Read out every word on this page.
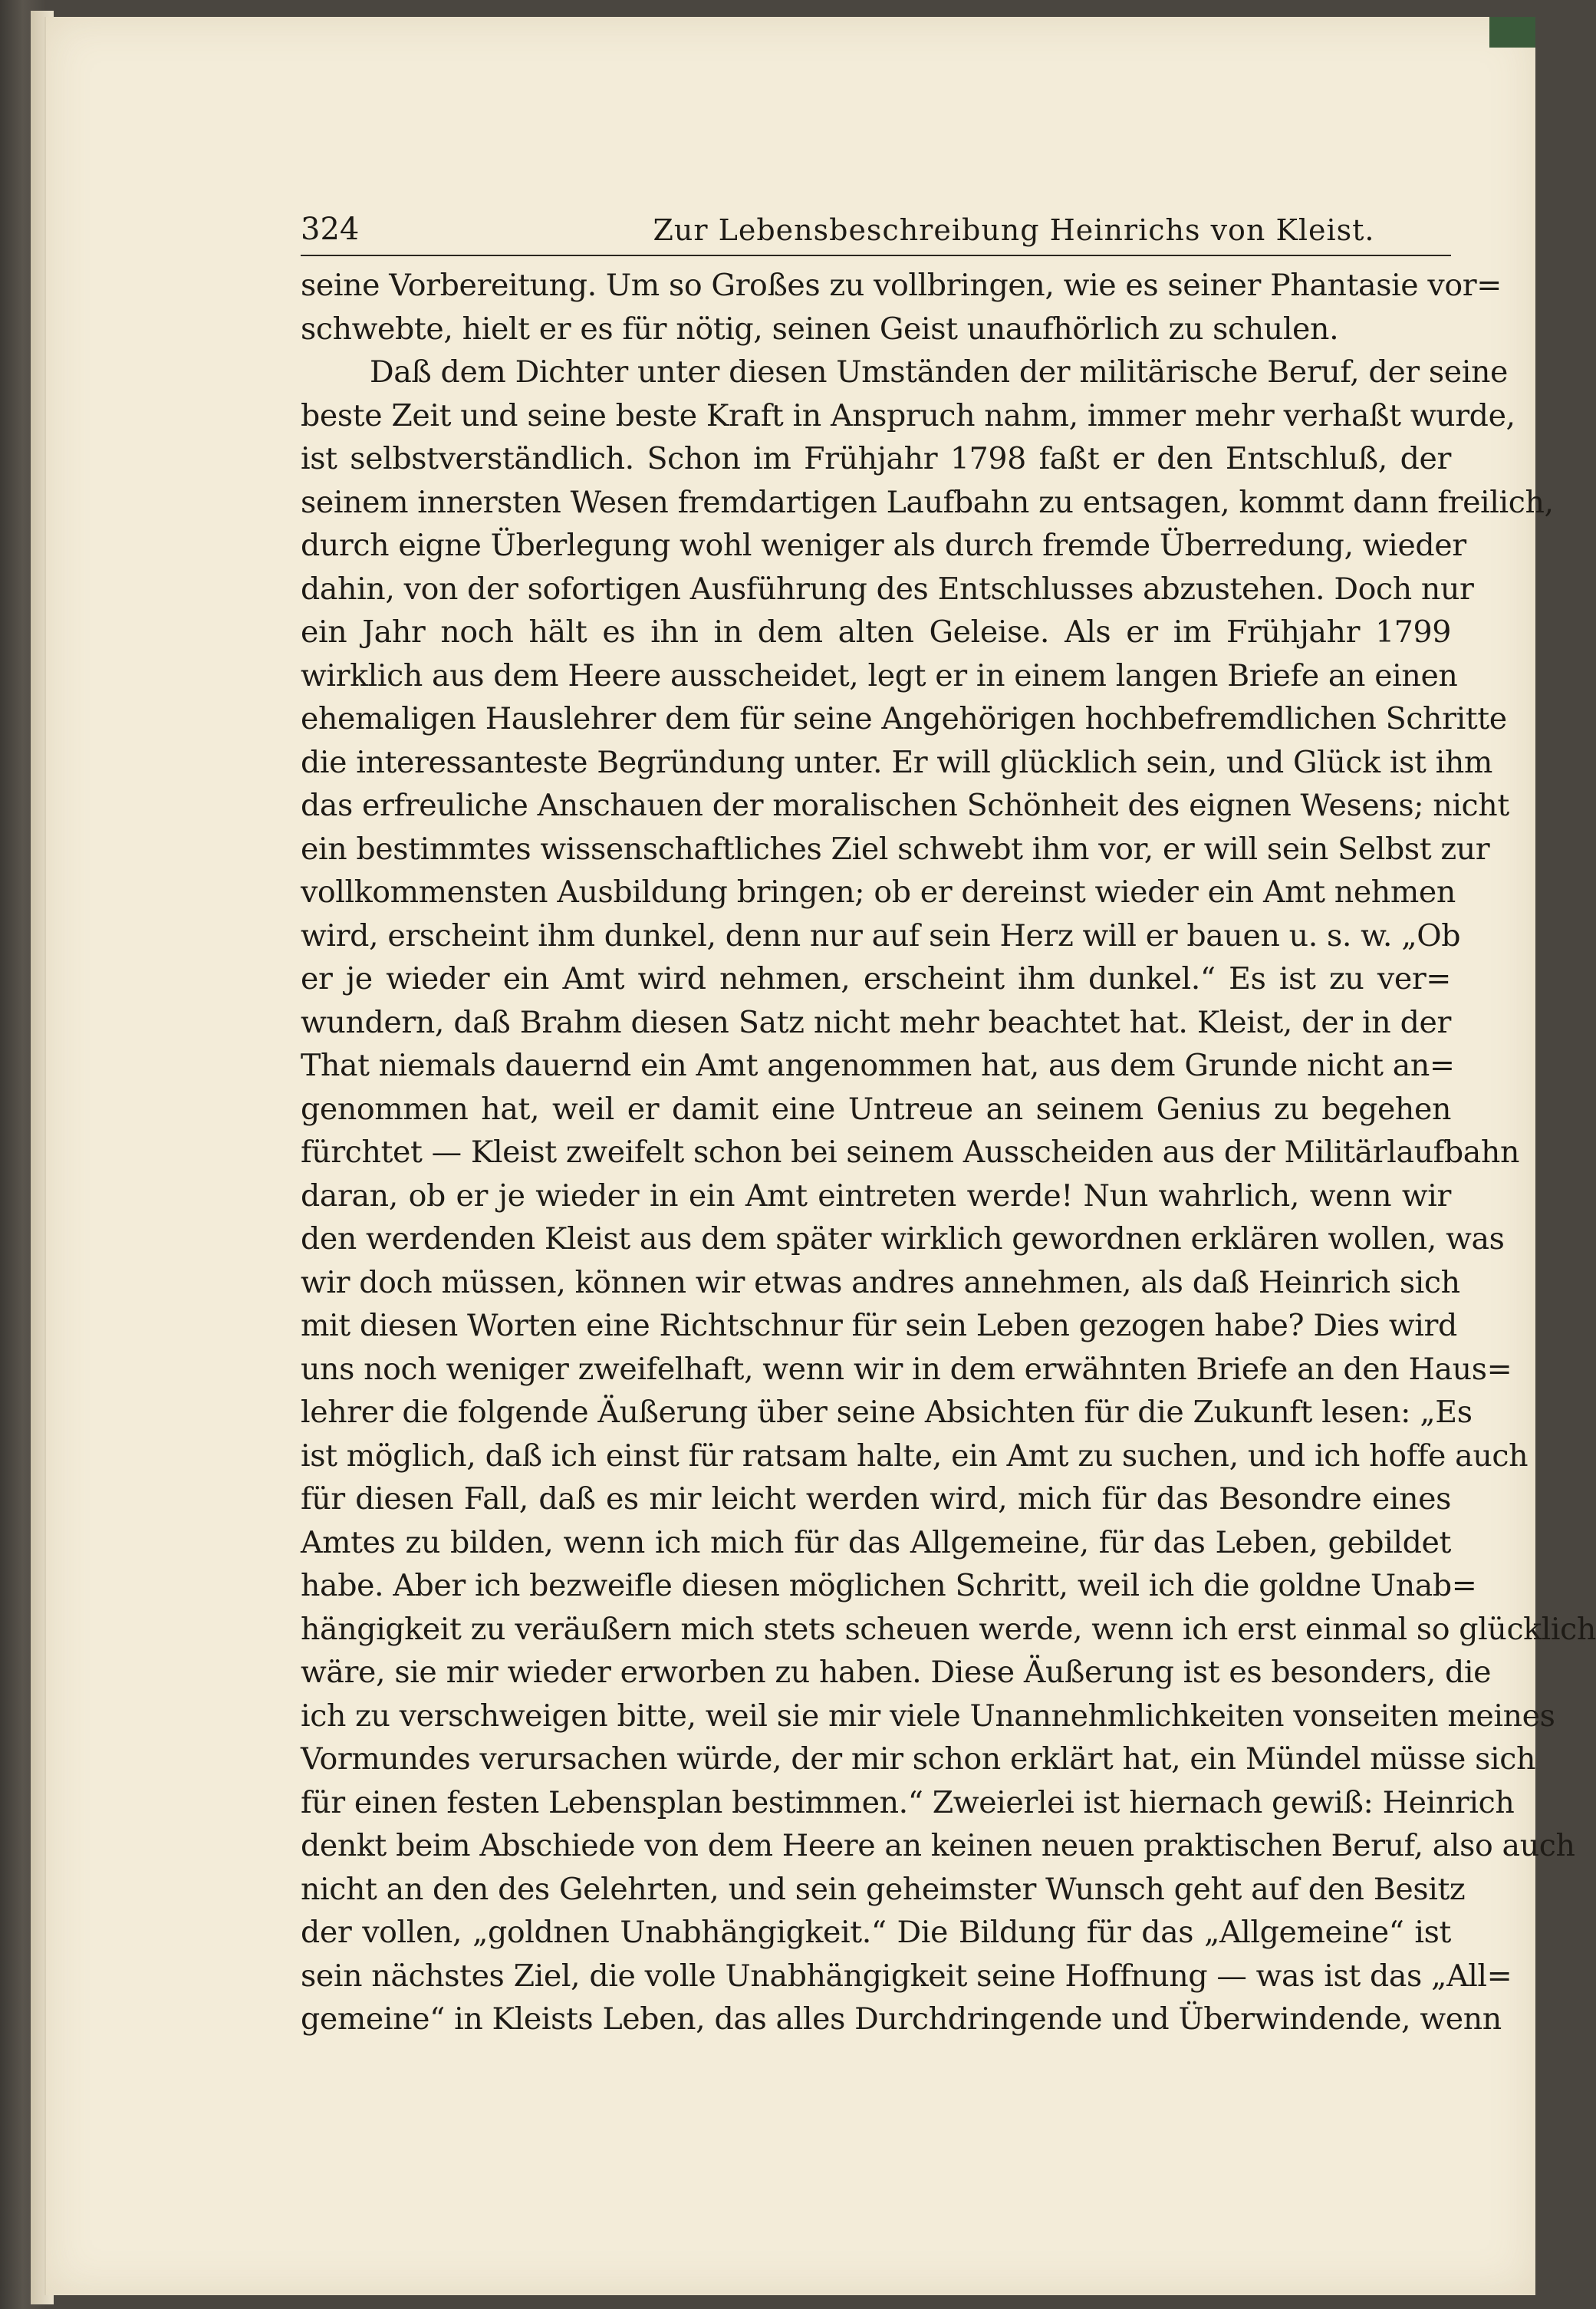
324	Zur Lebensbeschreibung Heinrichs von Kleist.
seine Vorbereitung. Um so Großes zu vollbringen, wie es seiner Phantasie vor=
schwebte, hielt er es für nötig, seinen Geist unaufhörlich zu schulen.
Daß dem Dichter unter diesen Umständen der militärische Beruf, der seine
beste Zeit und seine beste Kraft in Anspruch nahm, immer mehr verhaßt wurde,
ist selbstverständlich. Schon im Frühjahr 1798 faßt er den Entschluß, der
seinem innersten Wesen fremdartigen Laufbahn zu entsagen, kommt dann freilich,
durch eigne Überlegung wohl weniger als durch fremde Überredung, wieder
dahin, von der sofortigen Ausführung des Entschlusses abzustehen. Doch nur
ein Jahr noch hält es ihn in dem alten Geleise. Als er im Frühjahr 1799
wirklich aus dem Heere ausscheidet, legt er in einem langen Briefe an einen
ehemaligen Hauslehrer dem für seine Angehörigen hochbefremdlichen Schritte
die interessanteste Begründung unter. Er will glücklich sein, und Glück ist ihm
das erfreuliche Anschauen der moralischen Schönheit des eignen Wesens; nicht
ein bestimmtes wissenschaftliches Ziel schwebt ihm vor, er will sein Selbst zur
vollkommensten Ausbildung bringen; ob er dereinst wieder ein Amt nehmen
wird, erscheint ihm dunkel, denn nur auf sein Herz will er bauen u. s. w. „Ob
er je wieder ein Amt wird nehmen, erscheint ihm dunkel.“ Es ist zu ver=
wundern, daß Brahm diesen Satz nicht mehr beachtet hat. Kleist, der in der
That niemals dauernd ein Amt angenommen hat, aus dem Grunde nicht an=
genommen hat, weil er damit eine Untreue an seinem Genius zu begehen
fürchtet — Kleist zweifelt schon bei seinem Ausscheiden aus der Militärlaufbahn
daran, ob er je wieder in ein Amt eintreten werde! Nun wahrlich, wenn wir
den werdenden Kleist aus dem später wirklich gewordnen erklären wollen, was
wir doch müssen, können wir etwas andres annehmen, als daß Heinrich sich
mit diesen Worten eine Richtschnur für sein Leben gezogen habe? Dies wird
uns noch weniger zweifelhaft, wenn wir in dem erwähnten Briefe an den Haus=
lehrer die folgende Äußerung über seine Absichten für die Zukunft lesen: „Es
ist möglich, daß ich einst für ratsam halte, ein Amt zu suchen, und ich hoffe auch
für diesen Fall, daß es mir leicht werden wird, mich für das Besondre eines
Amtes zu bilden, wenn ich mich für das Allgemeine, für das Leben, gebildet
habe. Aber ich bezweifle diesen möglichen Schritt, weil ich die goldne Unab=
hängigkeit zu veräußern mich stets scheuen werde, wenn ich erst einmal so glücklich
wäre, sie mir wieder erworben zu haben. Diese Äußerung ist es besonders, die
ich zu verschweigen bitte, weil sie mir viele Unannehmlichkeiten vonseiten meines
Vormundes verursachen würde, der mir schon erklärt hat, ein Mündel müsse sich
für einen festen Lebensplan bestimmen.“ Zweierlei ist hiernach gewiß: Heinrich
denkt beim Abschiede von dem Heere an keinen neuen praktischen Beruf, also auch
nicht an den des Gelehrten, und sein geheimster Wunsch geht auf den Besitz
der vollen, „goldnen Unabhängigkeit.“ Die Bildung für das „Allgemeine“ ist
sein nächstes Ziel, die volle Unabhängigkeit seine Hoffnung — was ist das „All=
gemeine“ in Kleists Leben, das alles Durchdringende und Überwindende, wenn
